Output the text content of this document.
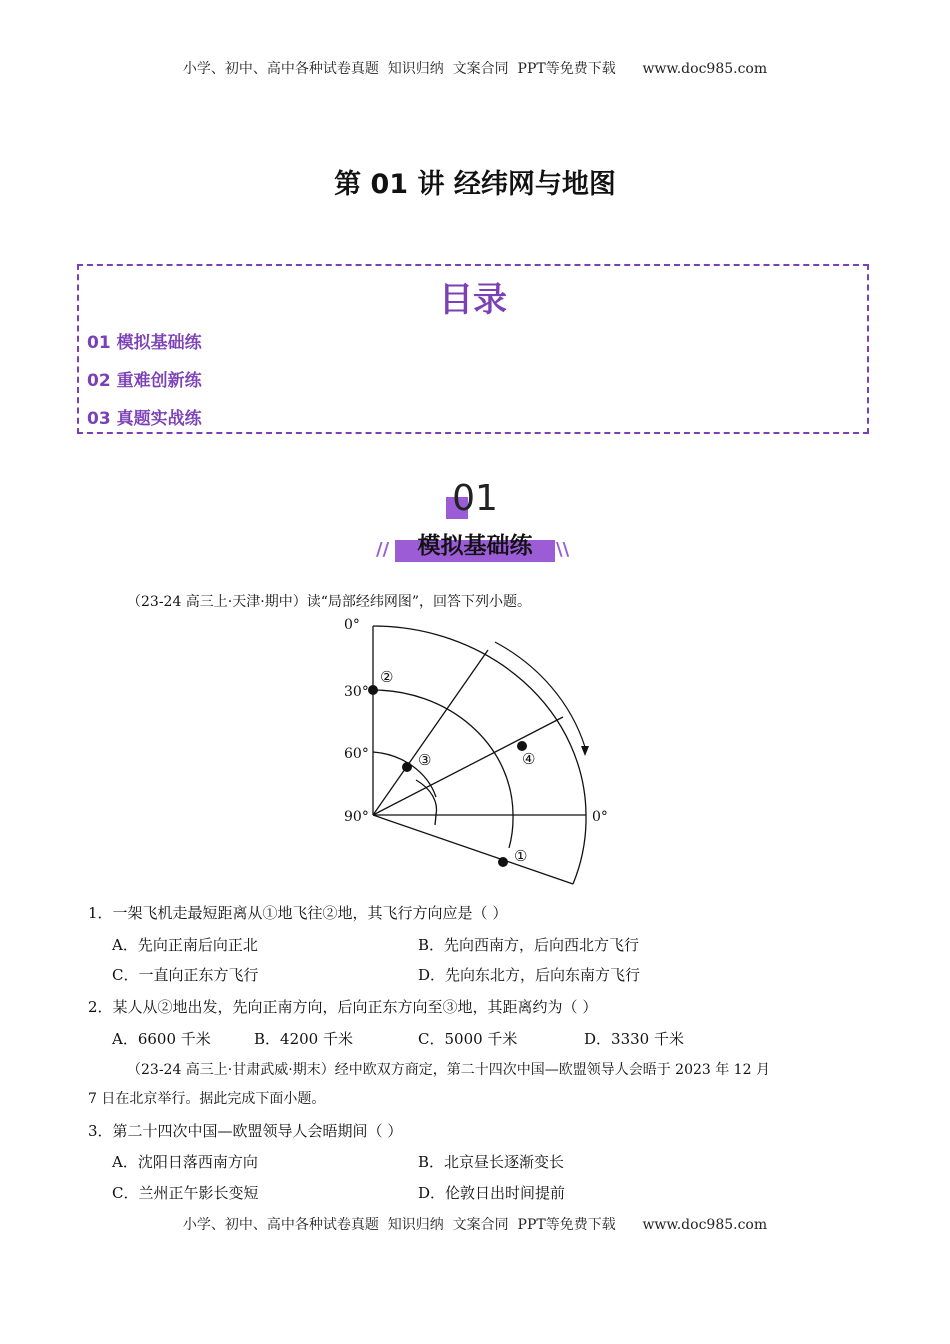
小学、初中、高中各种试卷真题  知识归纳  文案合同  PPT等免费下载      www.doc985.com
第 01 讲 经纬网与地图
目录
01 模拟基础练
02 重难创新练
03 真题实战练
01
//	\\
模拟基础练
（23-24 高三上·天津·期中）读“局部经纬网图”，回答下列小题。
0°
30°
60°
90°	0°
②
③	④
①
1．一架飞机走最短距离从①地飞往②地，其飞行方向应是（ ）
A．先向正南后向正北	B．先向西南方，后向西北方飞行
C．一直向正东方飞行	D．先向东北方，后向东南方飞行
2．某人从②地出发，先向正南方向，后向正东方向至③地，其距离约为（ ）
A．6600 千米	B．4200 千米	C．5000 千米	D．3330 千米
（23-24 高三上·甘肃武威·期末）经中欧双方商定，第二十四次中国—欧盟领导人会晤于 2023 年 12 月
7 日在北京举行。据此完成下面小题。
3．第二十四次中国—欧盟领导人会晤期间（ ）
A．沈阳日落西南方向	B．北京昼长逐渐变长
C．兰州正午影长变短	D．伦敦日出时间提前
小学、初中、高中各种试卷真题  知识归纳  文案合同  PPT等免费下载      www.doc985.com
